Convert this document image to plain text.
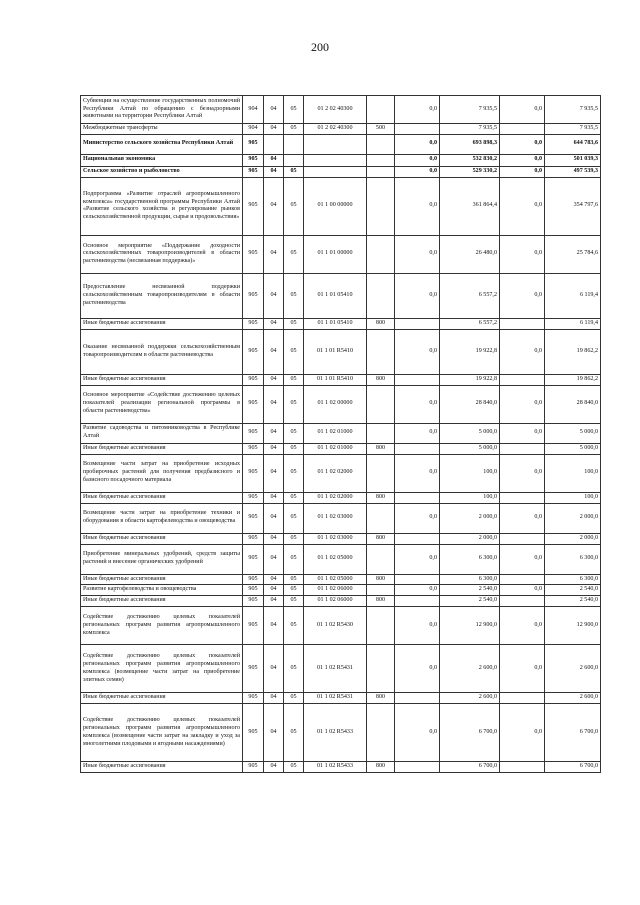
200
Субвенции на осуществление государственных полномочий Республики Алтай по обращению с безнадзорными животными на территории Республики Алтай	904	04	05	01 2 02 40300		0,0	7 935,5	0,0	7 935,5
Межбюджетные трансферты	904	04	05	01 2 02 40300	500		7 935,5		7 935,5
Министерство сельского хозяйства Республики Алтай	905					0,0	693 898,3	0,0	644 783,6
Национальная экономика	905	04				0,0	532 830,2	0,0	501 039,3
Сельское хозяйство и рыболовство	905	04	05			0,0	529 330,2	0,0	497 539,3
Подпрограмма «Развитие отраслей агропромышленного комплекса» государственной программы Республики Алтай «Развитие сельского хозяйства и регулирование рынков сельскохозяйственной продукции, сырья и продовольствия»	905	04	05	01 1 00 00000		0,0	361 864,4	0,0	354 797,6
Основное мероприятие «Поддержание доходности сельскохозяйственных товаропроизводителей в области растениеводства (несвязанная поддержка)»	905	04	05	01 1 01 00000		0,0	26 480,0	0,0	25 784,6
Предоставление несвязанной поддержки сельскохозяйственным товаропроизводителям в области растениеводства	905	04	05	01 1 01 05410		0,0	6 557,2	0,0	6 119,4
Иные бюджетные ассигнования	905	04	05	01 1 01 05410	800		6 557,2		6 119,4
Оказание несвязанной поддержки сельскохозяйственным товаропроизводителям в области растениеводства	905	04	05	01 1 01 R5410		0,0	19 922,8	0,0	19 862,2
Иные бюджетные ассигнования	905	04	05	01 1 01 R5410	800		19 922,8		19 862,2
Основное мероприятие «Содействие достижению целевых показателей реализации региональной программы в области растениеводства»	905	04	05	01 1 02 00000		0,0	28 840,0	0,0	28 840,0
Развитие садоводства и питомниководства в Республике Алтай	905	04	05	01 1 02 01000		0,0	5 000,0	0,0	5 000,0
Иные бюджетные ассигнования	905	04	05	01 1 02 01000	800		5 000,0		5 000,0
Возмещение части затрат на приобретение исходных пробирочных растений для получения предбазисного и базисного посадочного материала	905	04	05	01 1 02 02000		0,0	100,0	0,0	100,0
Иные бюджетные ассигнования	905	04	05	01 1 02 02000	800		100,0		100,0
Возмещение части затрат на приобретение техники и оборудования в области картофелеводства и овощеводства	905	04	05	01 1 02 03000		0,0	2 000,0	0,0	2 000,0
Иные бюджетные ассигнования	905	04	05	01 1 02 03000	800		2 000,0		2 000,0
Приобретение минеральных удобрений, средств защиты растений и внесение органических удобрений	905	04	05	01 1 02 05000		0,0	6 300,0	0,0	6 300,0
Иные бюджетные ассигнования	905	04	05	01 1 02 05000	800		6 300,0		6 300,0
Развитие картофелеводства и овощеводства	905	04	05	01 1 02 06000		0,0	2 540,0	0,0	2 540,0
Иные бюджетные ассигнования	905	04	05	01 1 02 06000	800		2 540,0		2 540,0
Содействие достижению целевых показателей региональных программ развития агропромышленного комплекса	905	04	05	01 1 02 R5430		0,0	12 900,0	0,0	12 900,0
Содействие достижению целевых показателей региональных программ развития агропромышленного комплекса (возмещение части затрат на приобретение элитных семян)	905	04	05	01 1 02 R5431		0,0	2 600,0	0,0	2 600,0
Иные бюджетные ассигнования	905	04	05	01 1 02 R5431	800		2 600,0		2 600,0
Содействие достижению целевых показателей региональных программ развития агропромышленного комплекса (возмещение части затрат на закладку и уход за многолетними плодовыми и ягодными насаждениями)	905	04	05	01 1 02 R5433		0,0	6 700,0	0,0	6 700,0
Иные бюджетные ассигнования	905	04	05	01 1 02 R5433	800		6 700,0		6 700,0
